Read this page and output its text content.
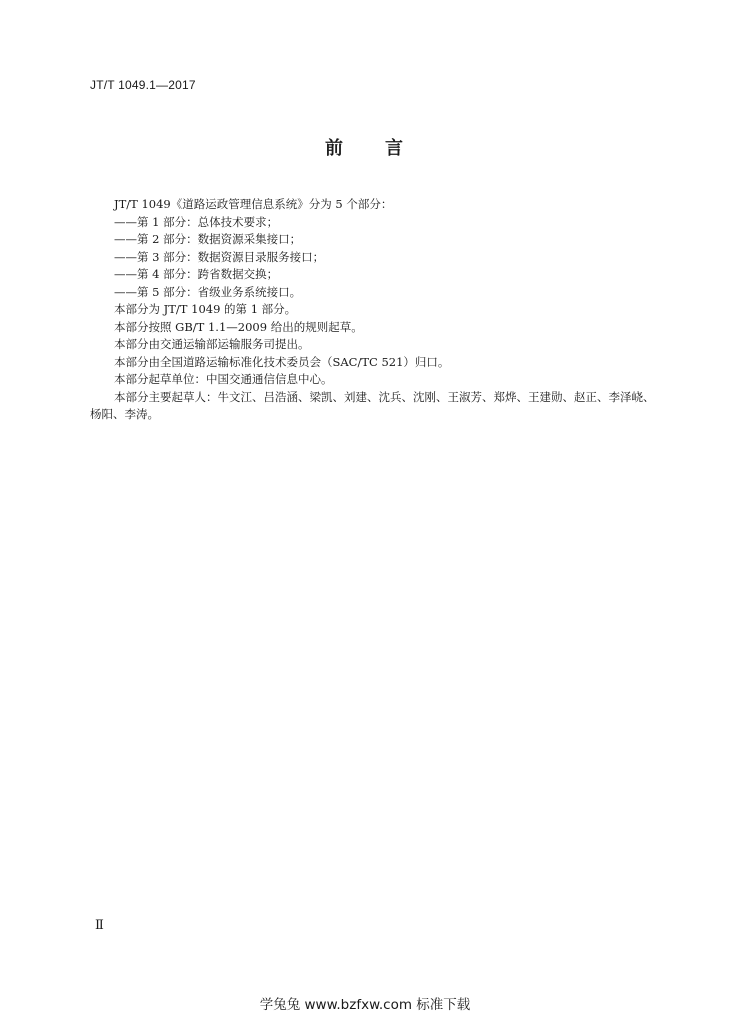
JT/T 1049.1—2017
前 言

JT/T 1049《道路运政管理信息系统》分为 5 个部分：

——第 1 部分：总体技术要求；

——第 2 部分：数据资源采集接口；

——第 3 部分：数据资源目录服务接口；

——第 4 部分：跨省数据交换；

——第 5 部分：省级业务系统接口。

本部分为 JT/T 1049 的第 1 部分。

本部分按照 GB/T 1.1—2009 给出的规则起草。

本部分由交通运输部运输服务司提出。

本部分由全国道路运输标准化技术委员会（SAC/TC 521）归口。

本部分起草单位：中国交通通信信息中心。

本部分主要起草人：牛文江、吕浩涵、梁凯、刘建、沈兵、沈刚、王淑芳、郑烨、王建勋、赵正、李泽峣、杨阳、李涛。

Ⅱ
学兔兔 www.bzfxw.com 标准下载
